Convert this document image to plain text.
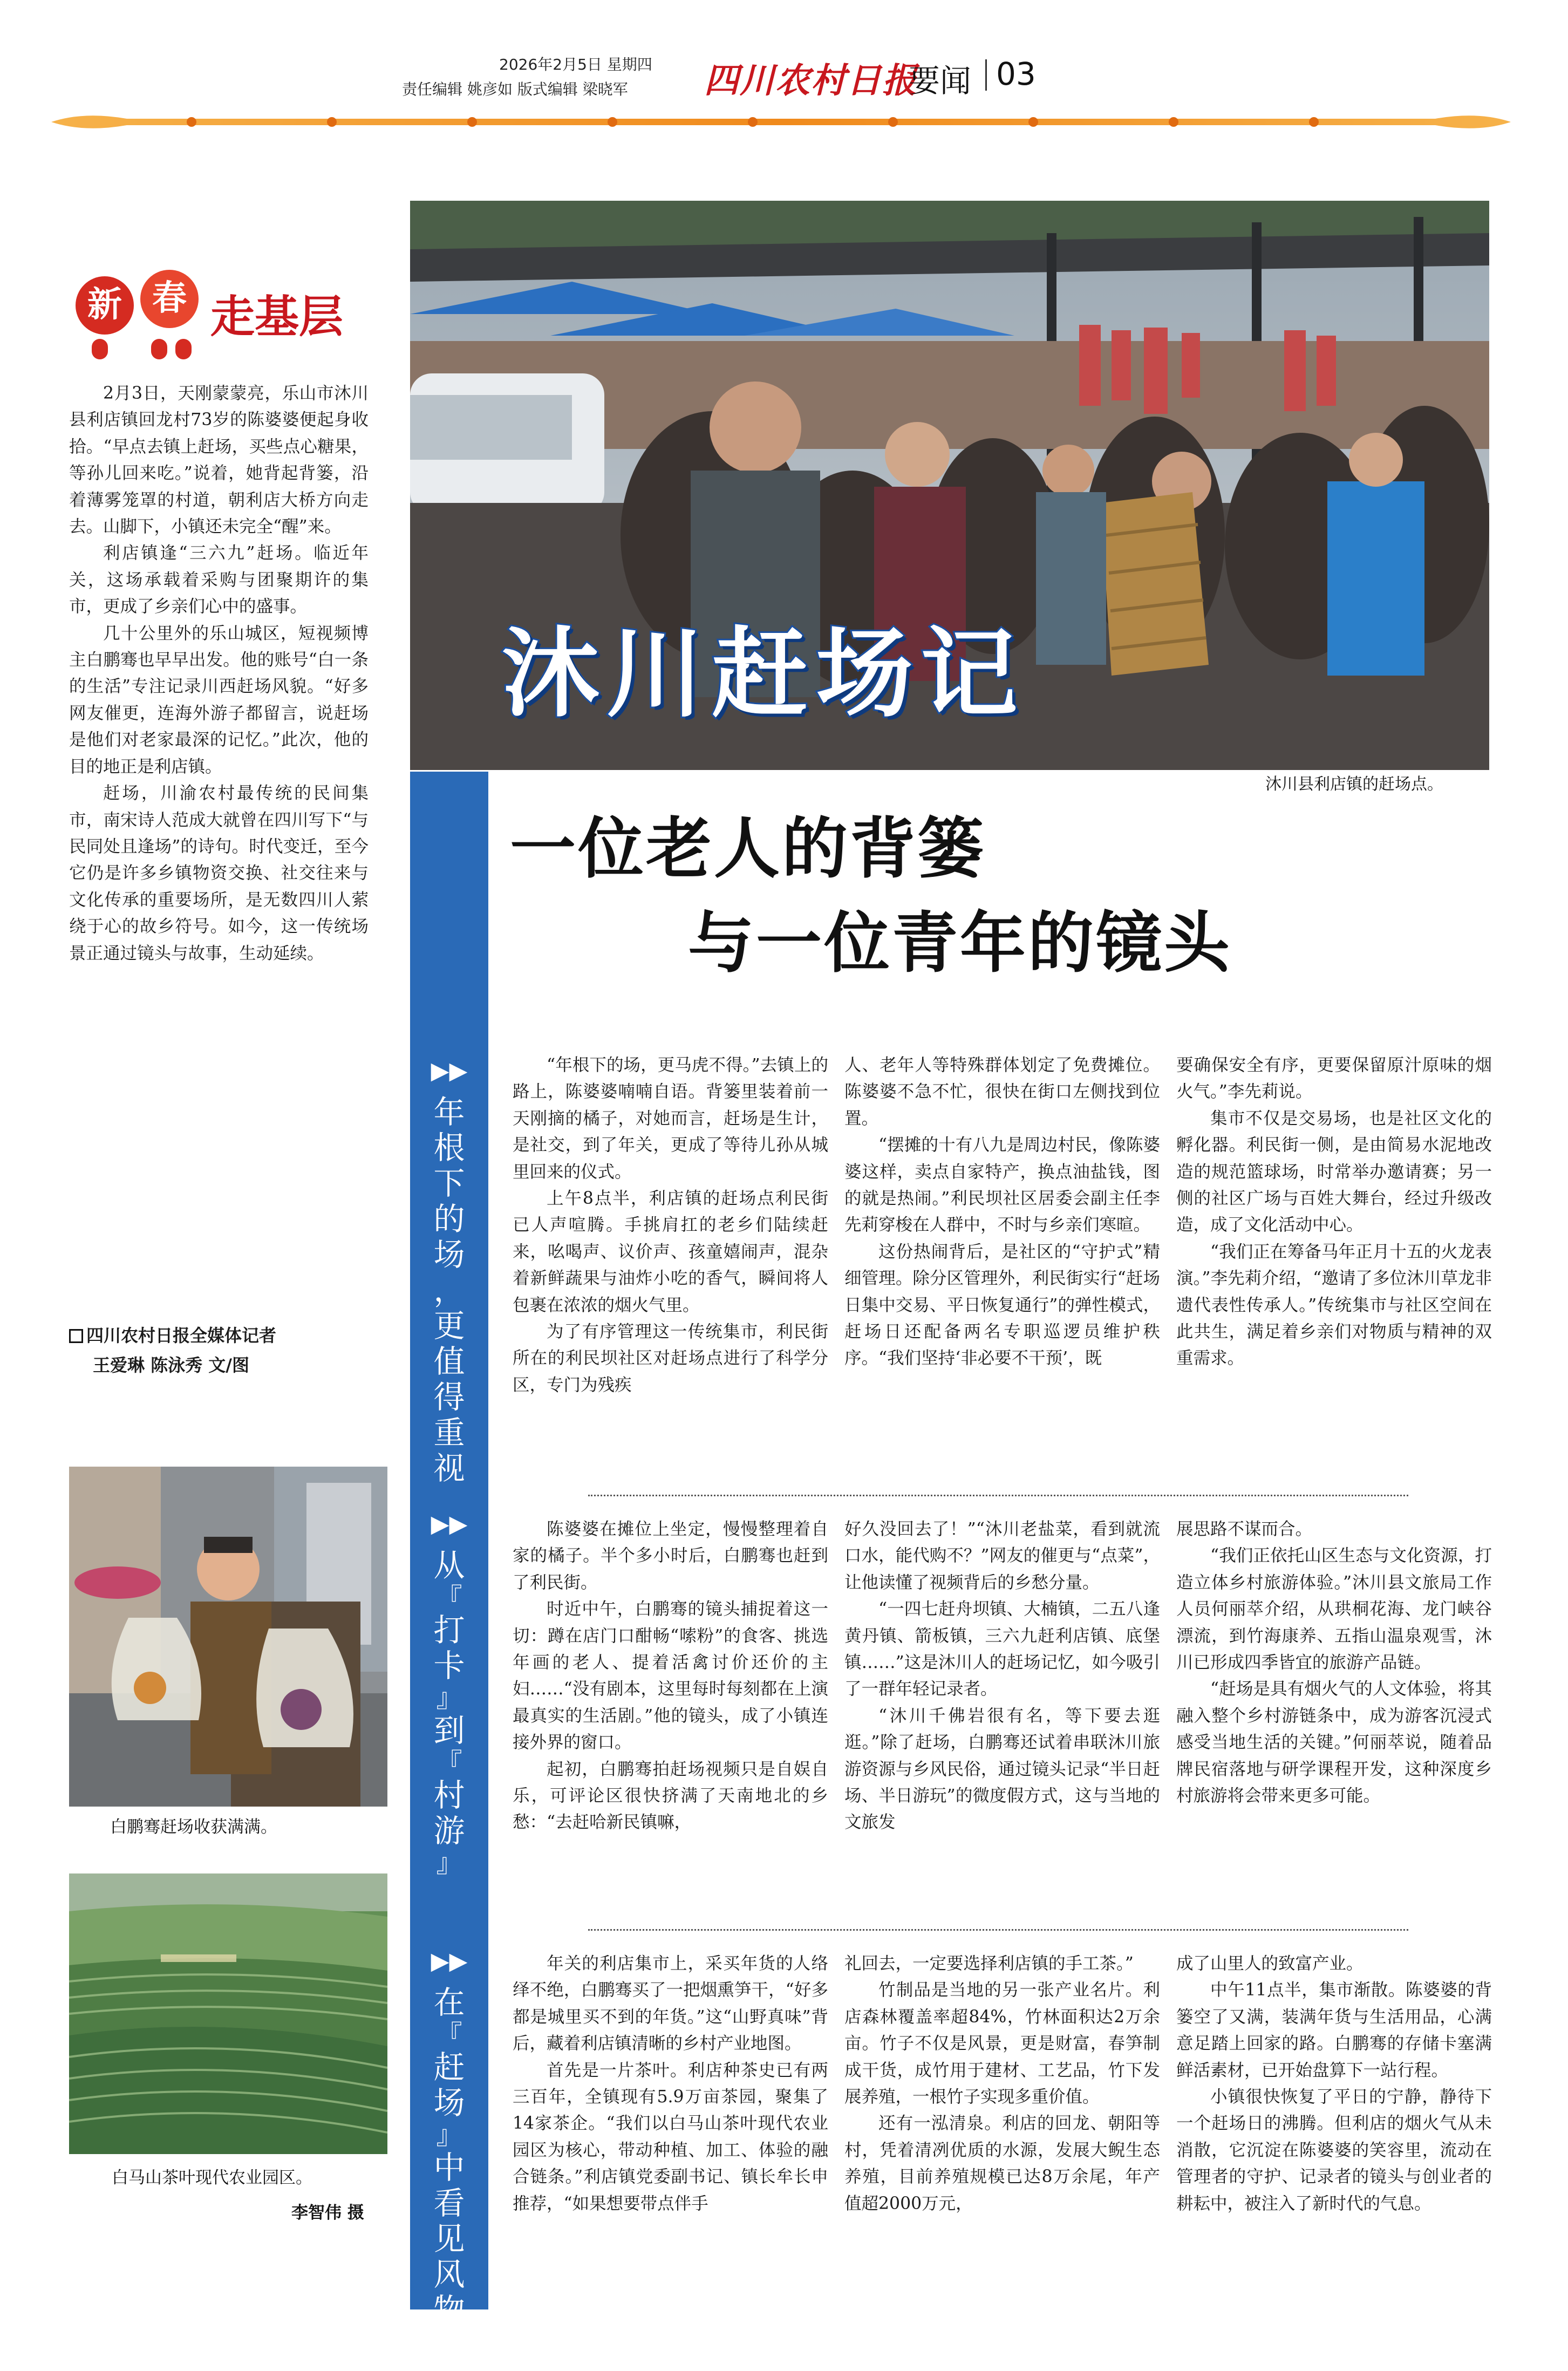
2026年2月5日 星期四
责任编辑 姚彦如 版式编辑 梁晓军 四川农村日报
要闻 03
新 春 走基层

2月3日，天刚蒙蒙亮，乐山市沐川县利店镇回龙村73岁的陈婆婆便起身收拾。“早点去镇上赶场，买些点心糖果，等孙儿回来吃。”说着，她背起背篓，沿着薄雾笼罩的村道，朝利店大桥方向走去。山脚下，小镇还未完全“醒”来。

利店镇逢“三六九”赶场。临近年关，这场承载着采购与团聚期许的集市，更成了乡亲们心中的盛事。

几十公里外的乐山城区，短视频博主白鹏骞也早早出发。他的账号“白一条的生活”专注记录川西赶场风貌。“好多网友催更，连海外游子都留言，说赶场是他们对老家最深的记忆。”此次，他的目的地正是利店镇。

赶场，川渝农村最传统的民间集市，南宋诗人范成大就曾在四川写下“与民同处且逢场”的诗句。时代变迁，至今它仍是许多乡镇物资交换、社交往来与文化传承的重要场所，是无数四川人萦绕于心的故乡符号。如今，这一传统场景正通过镜头与故事，生动延续。

四川农村日报全媒体记者
王爱琳 陈泳秀 文/图
白鹏骞赶场收获满满。
白马山茶叶现代农业园区。
李智伟 摄
沐川赶场记
沐川县利店镇的赶场点。
▶▶
年
根
下
的
场
，
更
值
得
重
视
▶▶
从
『
打
卡
』
到
『
村
游
』
▶▶
在
『
赶
场
』
中
看
见
风
物
一位老人的背篓
与一位青年的镜头

“年根下的场，更马虎不得。”去镇上的路上，陈婆婆喃喃自语。背篓里装着前一天刚摘的橘子，对她而言，赶场是生计，是社交，到了年关，更成了等待儿孙从城里回来的仪式。

上午8点半，利店镇的赶场点利民街已人声喧腾。手挑肩扛的老乡们陆续赶来，吆喝声、议价声、孩童嬉闹声，混杂着新鲜蔬果与油炸小吃的香气，瞬间将人包裹在浓浓的烟火气里。

为了有序管理这一传统集市，利民街所在的利民坝社区对赶场点进行了科学分区，专门为残疾

人、老年人等特殊群体划定了免费摊位。陈婆婆不急不忙，很快在街口左侧找到位置。

“摆摊的十有八九是周边村民，像陈婆婆这样，卖点自家特产，换点油盐钱，图的就是热闹。”利民坝社区居委会副主任李先莉穿梭在人群中，不时与乡亲们寒暄。

这份热闹背后，是社区的“守护式”精细管理。除分区管理外，利民街实行“赶场日集中交易、平日恢复通行”的弹性模式，赶场日还配备两名专职巡逻员维护秩序。“我们坚持‘非必要不干预’，既

要确保安全有序，更要保留原汁原味的烟火气。”李先莉说。

集市不仅是交易场，也是社区文化的孵化器。利民街一侧，是由简易水泥地改造的规范篮球场，时常举办邀请赛；另一侧的社区广场与百姓大舞台，经过升级改造，成了文化活动中心。

“我们正在筹备马年正月十五的火龙表演。”李先莉介绍，“邀请了多位沐川草龙非遗代表性传承人。”传统集市与社区空间在此共生，满足着乡亲们对物质与精神的双重需求。

陈婆婆在摊位上坐定，慢慢整理着自家的橘子。半个多小时后，白鹏骞也赶到了利民街。

时近中午，白鹏骞的镜头捕捉着这一切：蹲在店门口酣畅“嗦粉”的食客、挑选年画的老人、提着活禽讨价还价的主妇……“没有剧本，这里每时每刻都在上演最真实的生活剧。”他的镜头，成了小镇连接外界的窗口。

起初，白鹏骞拍赶场视频只是自娱自乐，可评论区很快挤满了天南地北的乡愁：“去赶哈新民镇嘛，

好久没回去了！”“沐川老盐菜，看到就流口水，能代购不？”网友的催更与“点菜”，让他读懂了视频背后的乡愁分量。

“一四七赶舟坝镇、大楠镇，二五八逢黄丹镇、箭板镇，三六九赶利店镇、底堡镇……”这是沐川人的赶场记忆，如今吸引了一群年轻记录者。

“沐川千佛岩很有名，等下要去逛逛。”除了赶场，白鹏骞还试着串联沐川旅游资源与乡风民俗，通过镜头记录“半日赶场、半日游玩”的微度假方式，这与当地的文旅发

展思路不谋而合。

“我们正依托山区生态与文化资源，打造立体乡村旅游体验。”沐川县文旅局工作人员何丽萃介绍，从珙桐花海、龙门峡谷漂流，到竹海康养、五指山温泉观雪，沐川已形成四季皆宜的旅游产品链。

“赶场是具有烟火气的人文体验，将其融入整个乡村游链条中，成为游客沉浸式感受当地生活的关键。”何丽萃说，随着品牌民宿落地与研学课程开发，这种深度乡村旅游将会带来更多可能。

年关的利店集市上，采买年货的人络绎不绝，白鹏骞买了一把烟熏笋干，“好多都是城里买不到的年货。”这“山野真味”背后，藏着利店镇清晰的乡村产业地图。

首先是一片茶叶。利店种茶史已有两三百年，全镇现有5.9万亩茶园，聚集了14家茶企。“我们以白马山茶叶现代农业园区为核心，带动种植、加工、体验的融合链条。”利店镇党委副书记、镇长牟长申推荐，“如果想要带点伴手

礼回去，一定要选择利店镇的手工茶。”

竹制品是当地的另一张产业名片。利店森林覆盖率超84%，竹林面积达2万余亩。竹子不仅是风景，更是财富，春笋制成干货，成竹用于建材、工艺品，竹下发展养殖，一根竹子实现多重价值。

还有一泓清泉。利店的回龙、朝阳等村，凭着清冽优质的水源，发展大鲵生态养殖，目前养殖规模已达8万余尾，年产值超2000万元，

成了山里人的致富产业。

中午11点半，集市渐散。陈婆婆的背篓空了又满，装满年货与生活用品，心满意足踏上回家的路。白鹏骞的存储卡塞满鲜活素材，已开始盘算下一站行程。

小镇很快恢复了平日的宁静，静待下一个赶场日的沸腾。但利店的烟火气从未消散，它沉淀在陈婆婆的笑容里，流动在管理者的守护、记录者的镜头与创业者的耕耘中，被注入了新时代的气息。
